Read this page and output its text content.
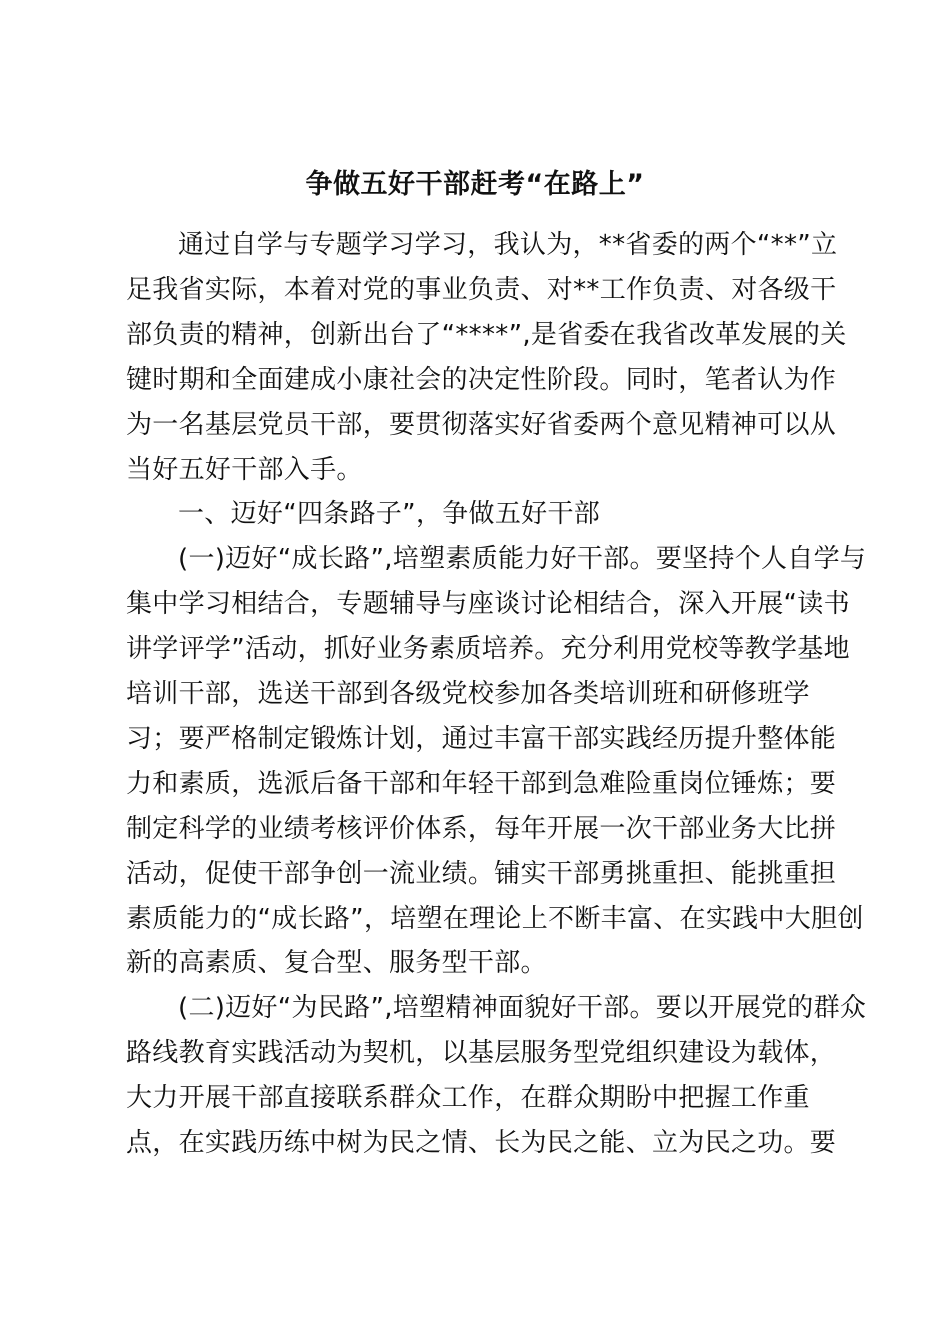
争做五好干部赶考“在路上”
通过自学与专题学习学习，我认为，**省委的两个“**”立
足我省实际，本着对党的事业负责、对**工作负责、对各级干
部负责的精神，创新出台了“****”,是省委在我省改革发展的关
键时期和全面建成小康社会的决定性阶段。同时，笔者认为作
为一名基层党员干部，要贯彻落实好省委两个意见精神可以从
当好五好干部入手。
一、迈好“四条路子”，争做五好干部
(一)迈好“成长路”,培塑素质能力好干部。要坚持个人自学与
集中学习相结合，专题辅导与座谈讨论相结合，深入开展“读书
讲学评学”活动，抓好业务素质培养。充分利用党校等教学基地
培训干部，选送干部到各级党校参加各类培训班和研修班学
习；要严格制定锻炼计划，通过丰富干部实践经历提升整体能
力和素质，选派后备干部和年轻干部到急难险重岗位锤炼；要
制定科学的业绩考核评价体系，每年开展一次干部业务大比拼
活动，促使干部争创一流业绩。铺实干部勇挑重担、能挑重担
素质能力的“成长路”，培塑在理论上不断丰富、在实践中大胆创
新的高素质、复合型、服务型干部。
(二)迈好“为民路”,培塑精神面貌好干部。要以开展党的群众
路线教育实践活动为契机，以基层服务型党组织建设为载体，
大力开展干部直接联系群众工作，在群众期盼中把握工作重
点，在实践历练中树为民之情、长为民之能、立为民之功。要
